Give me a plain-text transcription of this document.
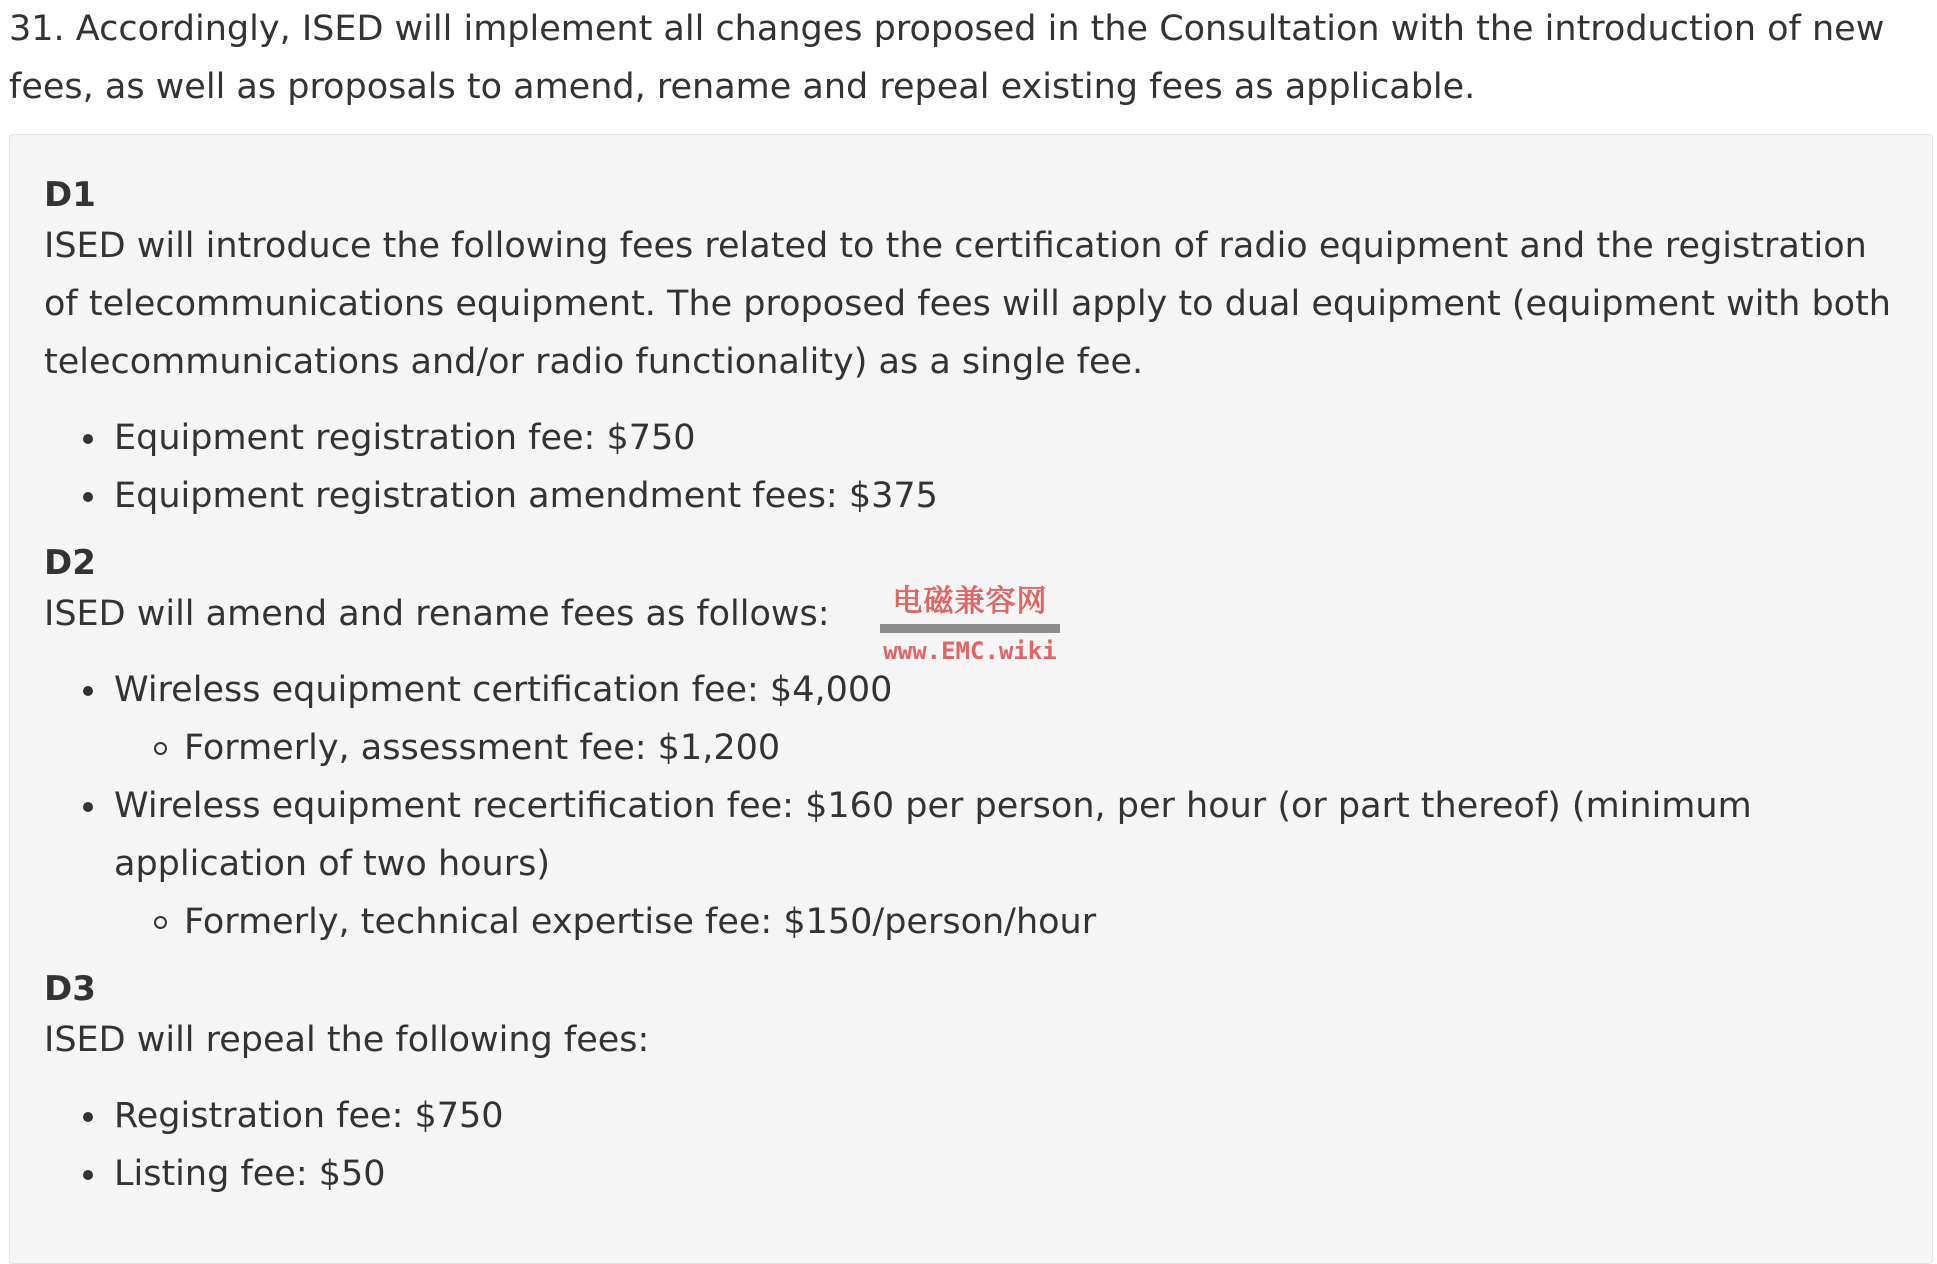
31. Accordingly, ISED will implement all changes proposed in the Consultation with the introduction of new fees, as well as proposals to amend, rename and repeal existing fees as applicable.

D1

ISED will introduce the following fees related to the certification of radio equipment and the registration of telecommunications equipment. The proposed fees will apply to dual equipment (equipment with both telecommunications and/or radio functionality) as a single fee.

Equipment registration fee: $750
Equipment registration amendment fees: $375
D2

ISED will amend and rename fees as follows:

Wireless equipment certification fee: $4,000
Formerly, assessment fee: $1,200
Wireless equipment recertification fee: $160 per person, per hour (or part thereof) (minimum application of two hours)
Formerly, technical expertise fee: $150/person/hour
D3

ISED will repeal the following fees:

Registration fee: $750
Listing fee: $50
电磁兼容网
www.EMC.wiki
